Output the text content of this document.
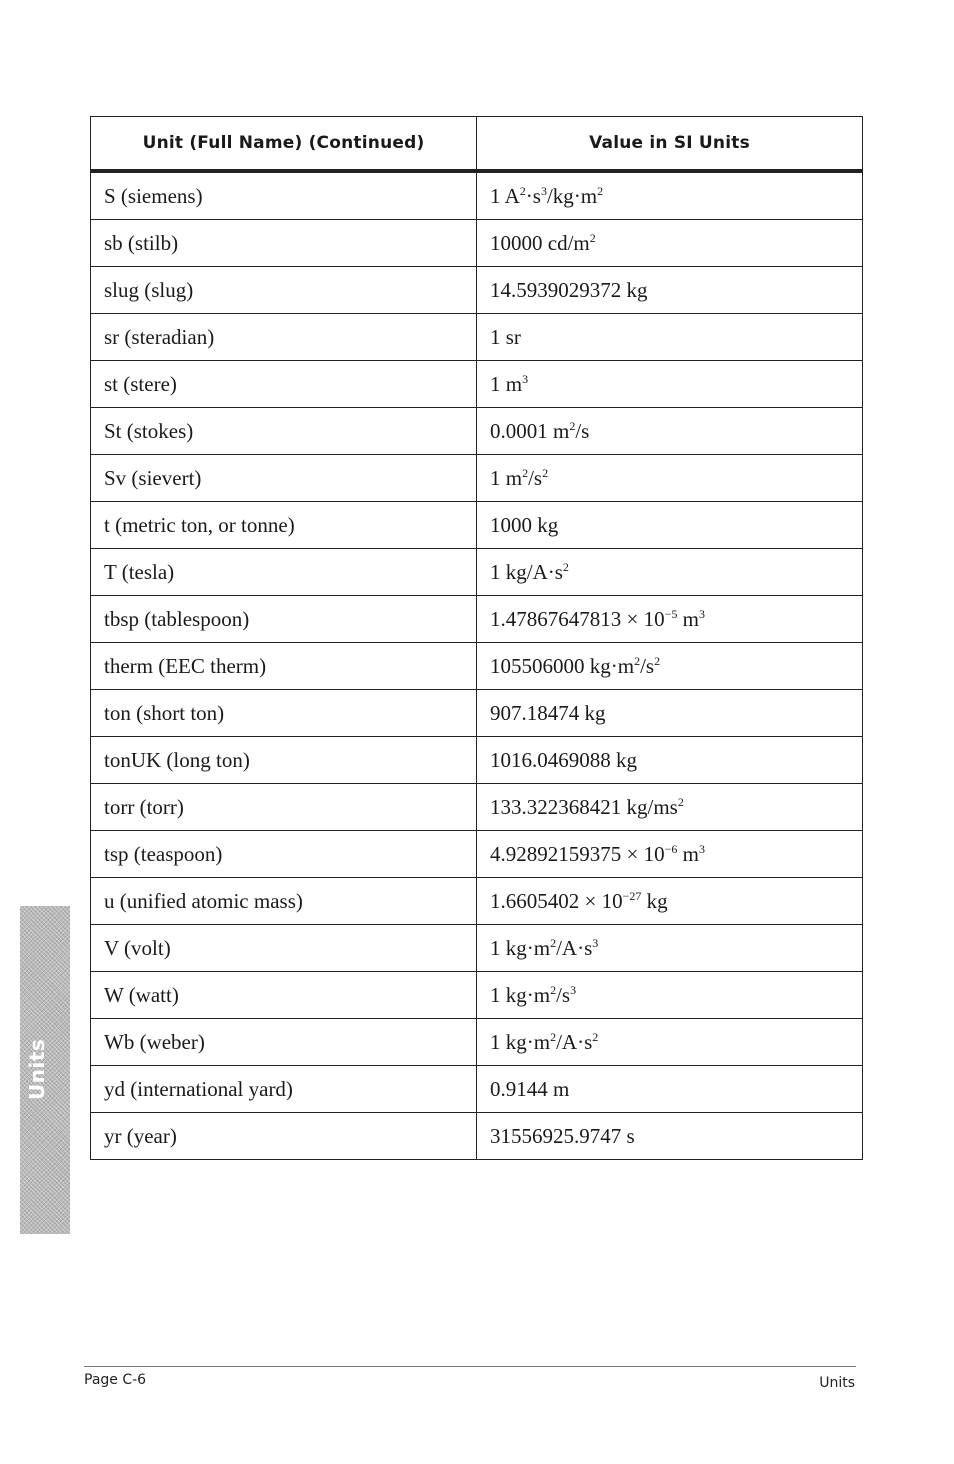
Unit (Full Name) (Continued)	Value in SI Units
S (siemens)	1 $A^2\cdot s^3/kg\cdot m^2$
sb (stilb)	10000 $cd/m^2$
slug (slug)	14.5939029372 kg
sr (steradian)	1 sr
st (stere)	1 $m^3$
St (stokes)	0.0001 $m^2/s$
Sv (sievert)	1 $m^2/s^2$
t (metric ton, or tonne)	1000 kg
T (tesla)	1 $kg/A\cdot s^2$
tbsp (tablespoon)	$1.47867647813 \times 10^{-5}$ $m^3$
therm (EEC therm)	105506000 $kg\cdot m^2/s^2$
ton (short ton)	907.18474 kg
tonUK (long ton)	1016.0469088 kg
torr (torr)	133.322368421 $kg/ms^2$
tsp (teaspoon)	$4.92892159375 \times 10^{-6}$ $m^3$
u (unified atomic mass)	$1.6605402 \times 10^{-27}$ kg
V (volt)	1 $kg\cdot m^2/A\cdot s^3$
W (watt)	1 $kg\cdot m^2/s^3$
Wb (weber)	1 $kg\cdot m^2/A\cdot s^2$
yd (international yard)	0.9144 m
yr (year)	31556925.9747 s
Units
Page C-6	Units
